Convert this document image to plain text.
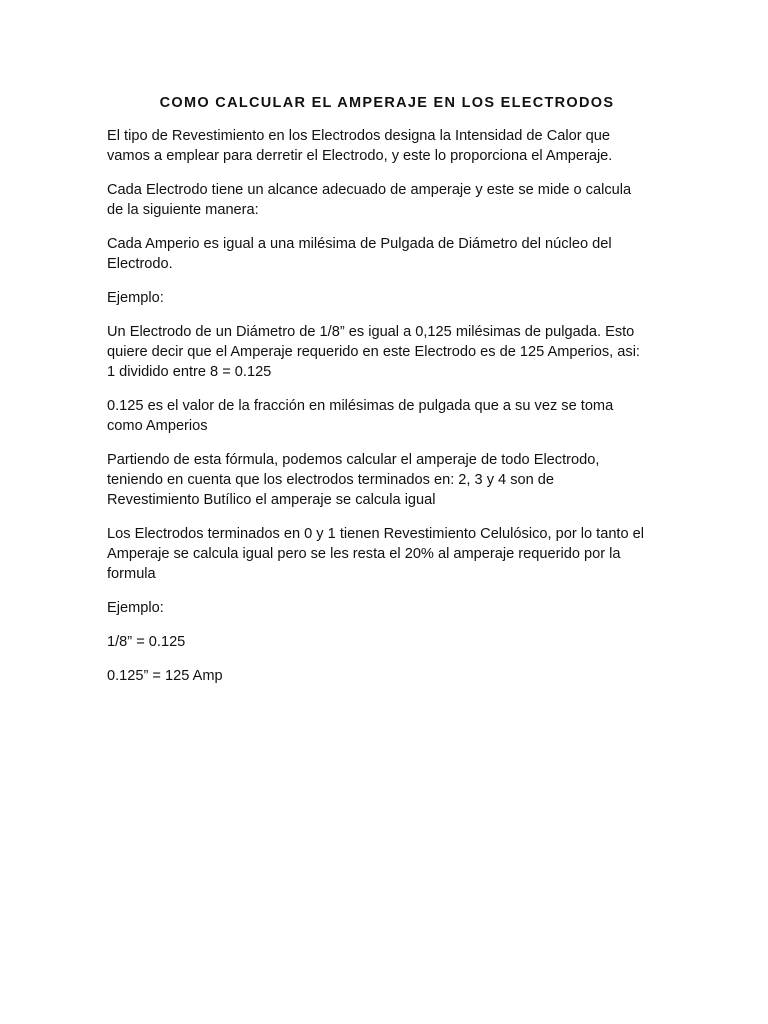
COMO CALCULAR EL AMPERAJE EN LOS ELECTRODOS

El tipo de Revestimiento en los Electrodos designa la Intensidad de Calor que
vamos a emplear para derretir el Electrodo, y este lo proporciona el Amperaje.

Cada Electrodo tiene un alcance adecuado de amperaje y este se mide o calcula
de la siguiente manera:

Cada Amperio es igual a una milésima de Pulgada de Diámetro del núcleo del
Electrodo.

Ejemplo:

Un Electrodo de un Diámetro de 1/8” es igual a 0,125 milésimas de pulgada. Esto
quiere decir que el Amperaje requerido en este Electrodo es de 125 Amperios, asi:
1 dividido entre 8 = 0.125

0.125 es el valor de la fracción en milésimas de pulgada que a su vez se toma
como Amperios

Partiendo de esta fórmula, podemos calcular el amperaje de todo Electrodo,
teniendo en cuenta que los electrodos terminados en: 2, 3 y 4 son de
Revestimiento Butílico el amperaje se calcula igual

Los Electrodos terminados en 0 y 1 tienen Revestimiento Celulósico, por lo tanto el
Amperaje se calcula igual pero se les resta el 20% al amperaje requerido por la
formula

Ejemplo:

1/8” = 0.125

0.125” = 125 Amp
